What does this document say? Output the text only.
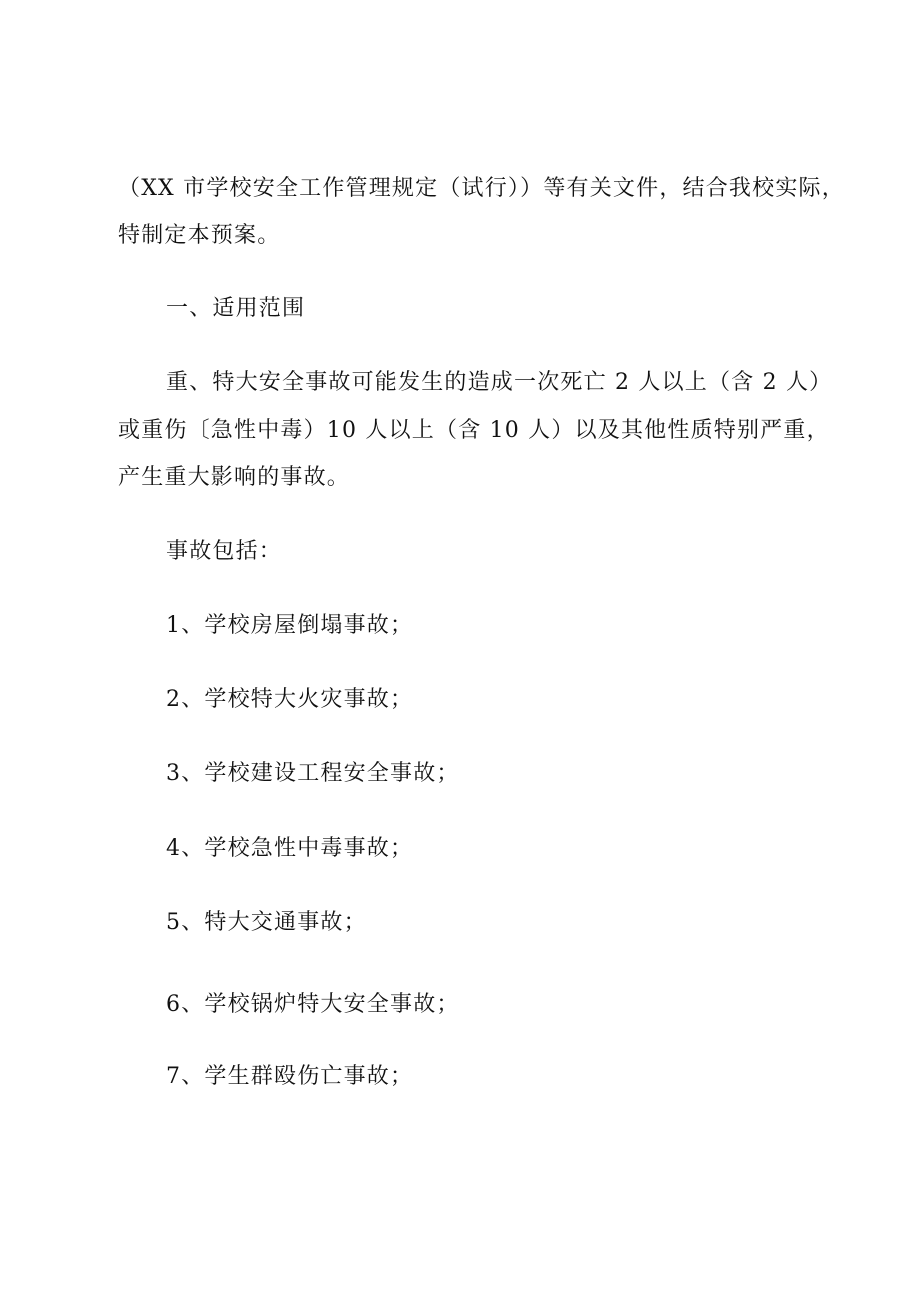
（XX 市学校安全工作管理规定（试行））等有关文件，结合我校实际，
特制定本预案。
一、适用范围
重、特大安全事故可能发生的造成一次死亡 2 人以上（含 2 人）
或重伤〔急性中毒）10 人以上（含 10 人）以及其他性质特别严重，
产生重大影响的事故。
事故包括：
1、学校房屋倒塌事故；
2、学校特大火灾事故；
3、学校建设工程安全事故；
4、学校急性中毒事故；
5、特大交通事故；
6、学校锅炉特大安全事故；
7、学生群殴伤亡事故；
